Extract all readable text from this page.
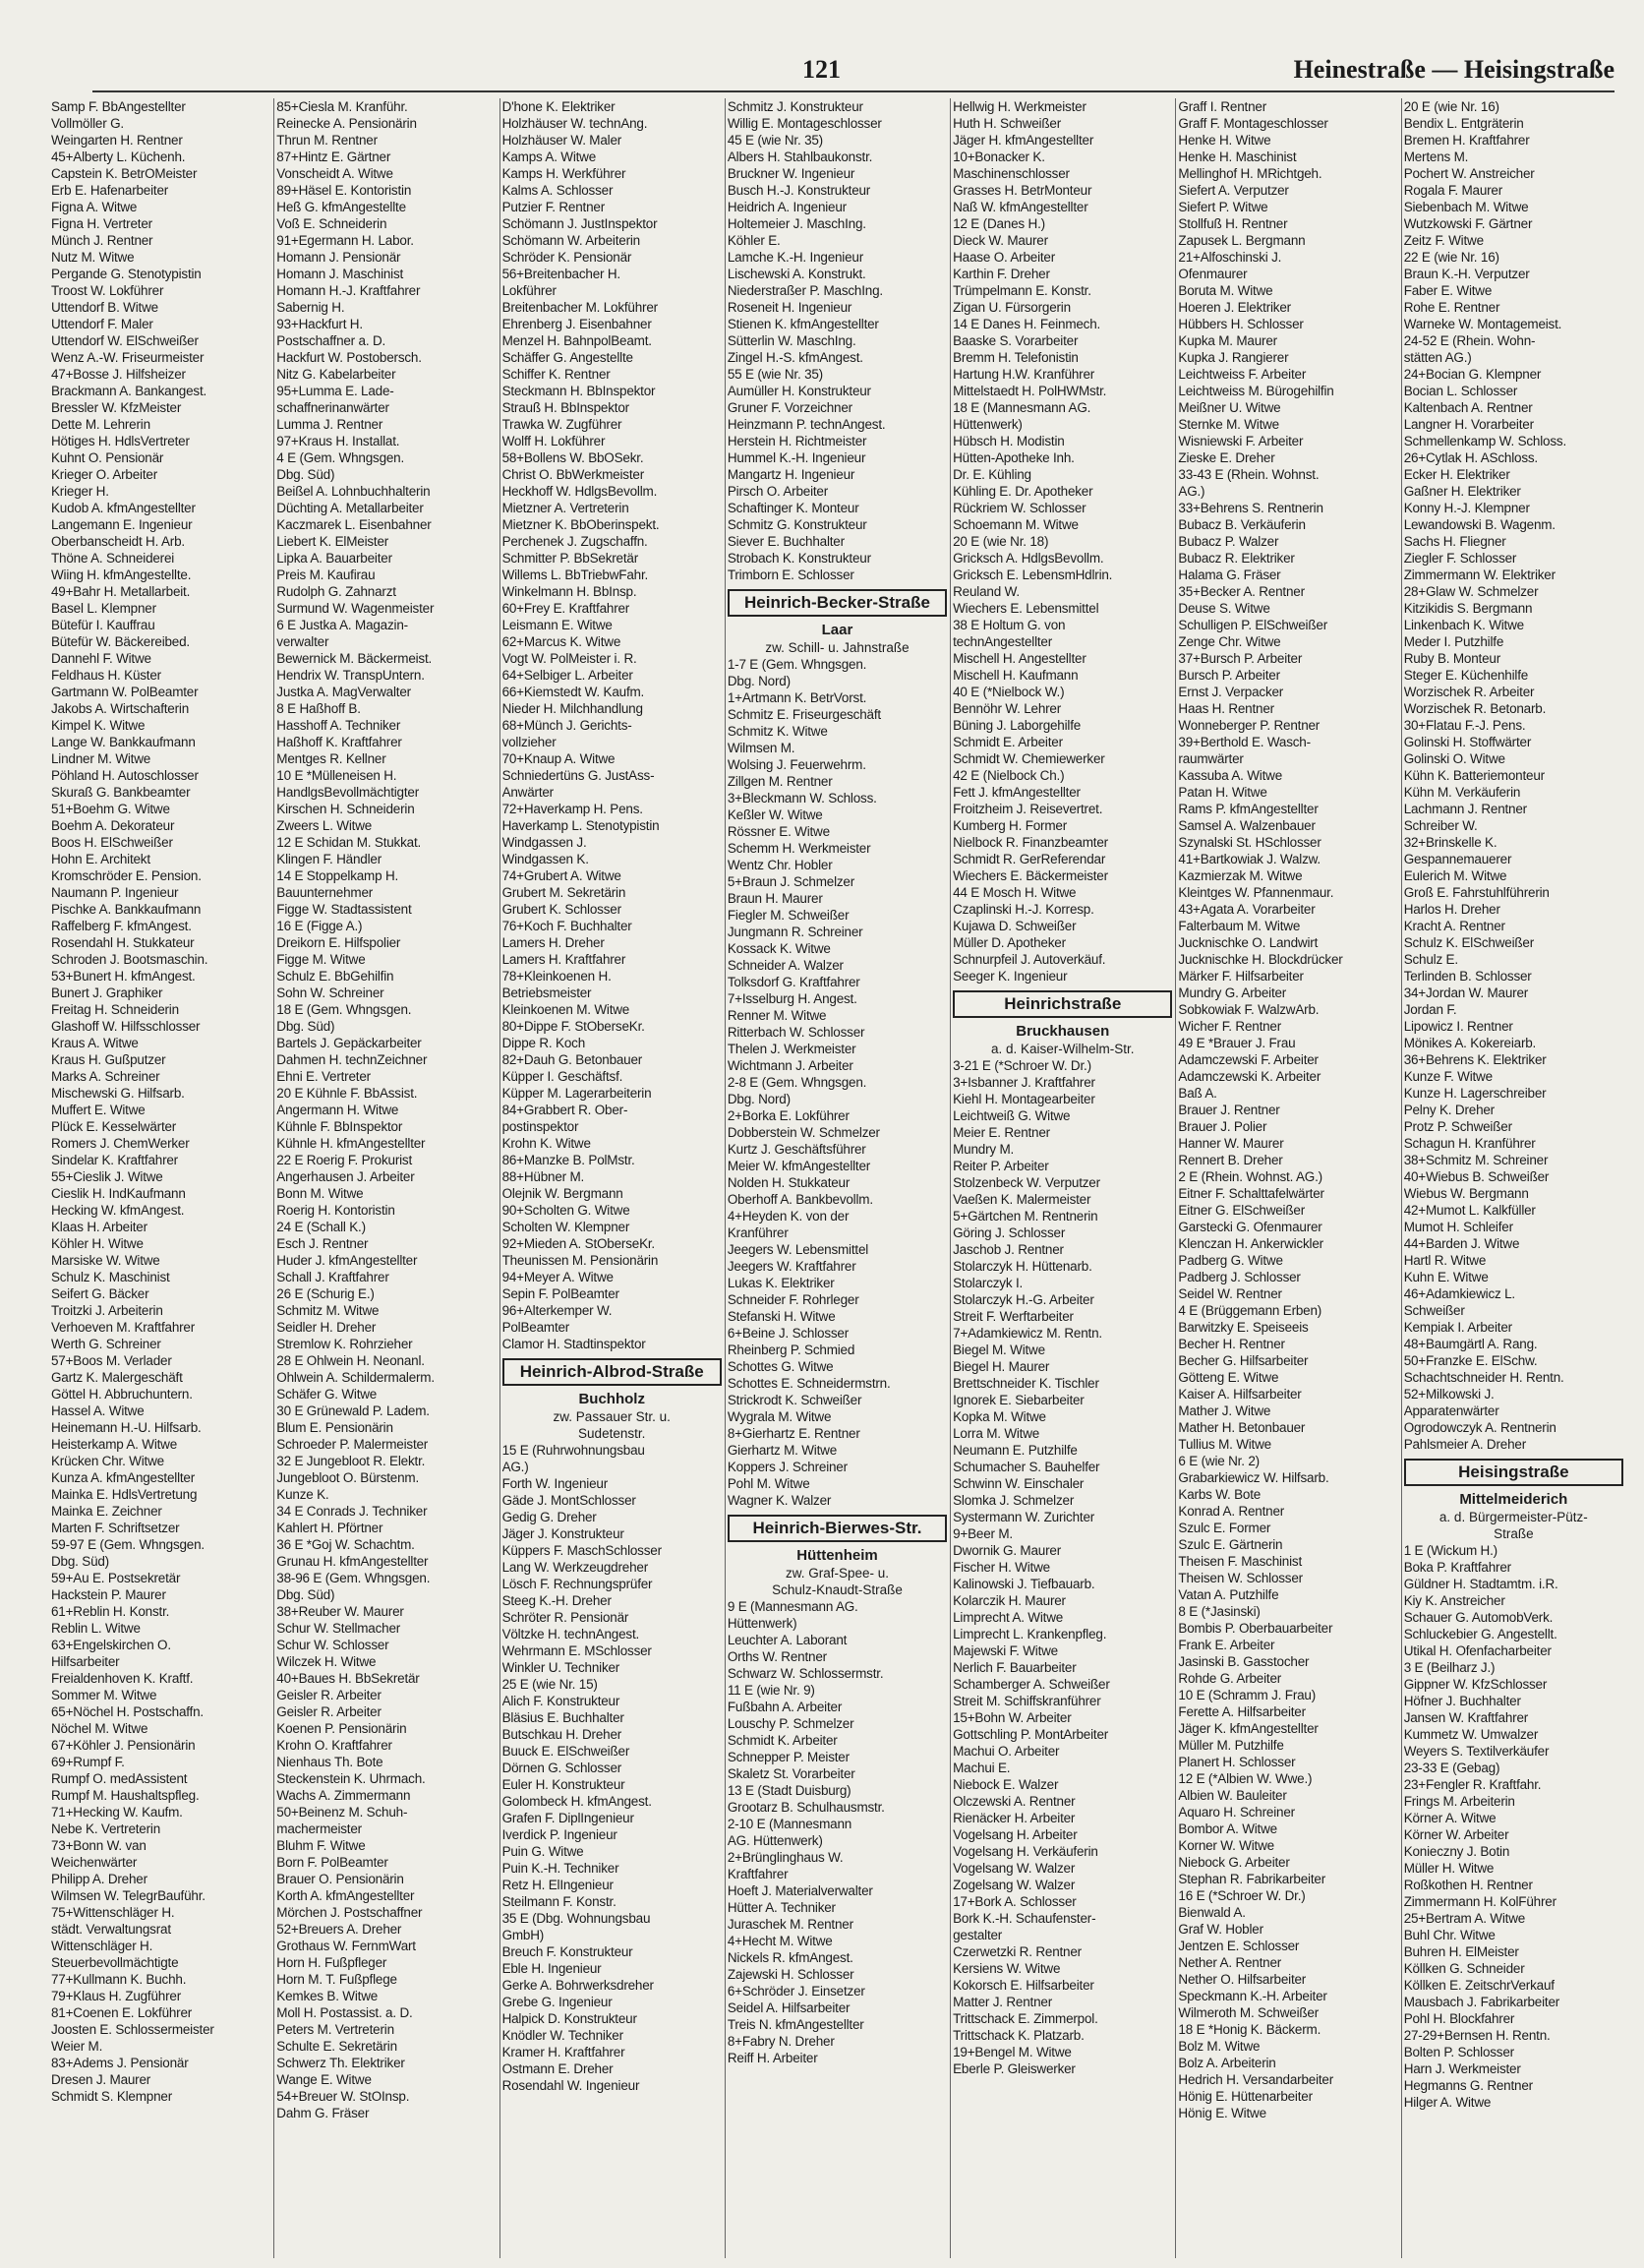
121	Heinestraße — Heisingstraße
Samp F. BbAngestellter
Vollmöller G.
Weingarten H. Rentner
45+Alberty L. Küchenh.
Capstein K. BetrOMeister
Erb E. Hafenarbeiter
Figna A. Witwe
Figna H. Vertreter
Münch J. Rentner
Nutz M. Witwe
Pergande G. Stenotypistin
Troost W. Lokführer
Uttendorf B. Witwe
Uttendorf F. Maler
Uttendorf W. ElSchweißer
Wenz A.-W. Friseurmeister
47+Bosse J. Hilfsheizer
Brackmann A. Bankangest.
Bressler W. KfzMeister
Dette M. Lehrerin
Hötiges H. HdlsVertreter
Kuhnt O. Pensionär
Krieger O. Arbeiter
Krieger H.
Kudob A. kfmAngestellter
Langemann E. Ingenieur
Oberbanscheidt H. Arb.
Thöne A. Schneiderei
Wiing H. kfmAngestellte.
49+Bahr H. Metallarbeit.
Basel L. Klempner
Bütefür I. Kauffrau
Bütefür W. Bäckereibed.
Dannehl F. Witwe
Feldhaus H. Küster
Gartmann W. PolBeamter
Jakobs A. Wirtschafterin
Kimpel K. Witwe
Lange W. Bankkaufmann
Lindner M. Witwe
Pöhland H. Autoschlosser
Skuraß G. Bankbeamter
51+Boehm G. Witwe
Boehm A. Dekorateur
Boos H. ElSchweißer
Hohn E. Architekt
Kromschröder E. Pension.
Naumann P. Ingenieur
Pischke A. Bankkaufmann
Raffelberg F. kfmAngest.
Rosendahl H. Stukkateur
Schroden J. Bootsmaschin.
53+Bunert H. kfmAngest.
Bunert J. Graphiker
Freitag H. Schneiderin
Glashoff W. Hilfsschlosser
Kraus A. Witwe
Kraus H. Gußputzer
Marks A. Schreiner
Mischewski G. Hilfsarb.
Muffert E. Witwe
Plück E. Kesselwärter
Romers J. ChemWerker
Sindelar K. Kraftfahrer
55+Cieslik J. Witwe
Cieslik H. IndKaufmann
Hecking W. kfmAngest.
Klaas H. Arbeiter
Köhler H. Witwe
Marsiske W. Witwe
Schulz K. Maschinist
Seifert G. Bäcker
Troitzki J. Arbeiterin
Verhoeven M. Kraftfahrer
Werth G. Schreiner
57+Boos M. Verlader
Gartz K. Malergeschäft
Göttel H. Abbruchuntern.
Hassel A. Witwe
Heinemann H.-U. Hilfsarb.
Heisterkamp A. Witwe
Krücken Chr. Witwe
Kunza A. kfmAngestellter
Mainka E. HdlsVertretung
Mainka E. Zeichner
Marten F. Schriftsetzer
59-97 E (Gem. Whngsgen.
Dbg. Süd)
59+Au E. Postsekretär
Hackstein P. Maurer
61+Reblin H. Konstr.
Reblin L. Witwe
63+Engelskirchen O.
Hilfsarbeiter
Freialdenhoven K. Kraftf.
Sommer M. Witwe
65+Nöchel H. Postschaffn.
Nöchel M. Witwe
67+Köhler J. Pensionärin
69+Rumpf F.
Rumpf O. medAssistent
Rumpf M. Haushaltspfleg.
71+Hecking W. Kaufm.
Nebe K. Vertreterin
73+Bonn W. van
Weichenwärter
Philipp A. Dreher
Wilmsen W. TelegrBauführ.
75+Wittenschläger H.
städt. Verwaltungsrat
Wittenschläger H.
Steuerbevollmächtigte
77+Kullmann K. Buchh.
79+Klaus H. Zugführer
81+Coenen E. Lokführer
Joosten E. Schlossermeister
Weier M.
83+Adems J. Pensionär
Dresen J. Maurer
Schmidt S. Klempner
85+Ciesla M. Kranführ.
Reinecke A. Pensionärin
Thrun M. Rentner
87+Hintz E. Gärtner
Vonscheidt A. Witwe
89+Häsel E. Kontoristin
Heß G. kfmAngestellte
Voß E. Schneiderin
91+Egermann H. Labor.
Homann J. Pensionär
Homann J. Maschinist
Homann H.-J. Kraftfahrer
Sabernig H.
93+Hackfurt H.
Postschaffner a. D.
Hackfurt W. Postobersch.
Nitz G. Kabelarbeiter
95+Lumma E. Lade-
schaffnerinanwärter
Lumma J. Rentner
97+Kraus H. Installat.
4 E (Gem. Whngsgen.
Dbg. Süd)
Beißel A. Lohnbuchhalterin
Düchting A. Metallarbeiter
Kaczmarek L. Eisenbahner
Liebert K. ElMeister
Lipka A. Bauarbeiter
Preis M. Kaufirau
Rudolph G. Zahnarzt
Surmund W. Wagenmeister
6 E Justka A. Magazin-
verwalter
Bewernick M. Bäckermeist.
Hendrix W. TranspUntern.
Justka A. MagVerwalter
8 E Haßhoff B.
Hasshoff A. Techniker
Haßhoff K. Kraftfahrer
Mentges R. Kellner
10 E *Mülleneisen H.
HandlgsBevollmächtigter
Kirschen H. Schneiderin
Zweers L. Witwe
12 E Schidan M. Stukkat.
Klingen F. Händler
14 E Stoppelkamp H.
Bauunternehmer
Figge W. Stadtassistent
16 E (Figge A.)
Dreikorn E. Hilfspolier
Figge M. Witwe
Schulz E. BbGehilfin
Sohn W. Schreiner
18 E (Gem. Whngsgen.
Dbg. Süd)
Bartels J. Gepäckarbeiter
Dahmen H. technZeichner
Ehni E. Vertreter
20 E Kühnle F. BbAssist.
Angermann H. Witwe
Kühnle F. BbInspektor
Kühnle H. kfmAngestellter
22 E Roerig F. Prokurist
Angerhausen J. Arbeiter
Bonn M. Witwe
Roerig H. Kontoristin
24 E (Schall K.)
Esch J. Rentner
Huder J. kfmAngestellter
Schall J. Kraftfahrer
26 E (Schurig E.)
Schmitz M. Witwe
Seidler H. Dreher
Stremlow K. Rohrzieher
28 E Ohlwein H. Neonanl.
Ohlwein A. Schildermalerm.
Schäfer G. Witwe
30 E Grünewald P. Ladem.
Blum E. Pensionärin
Schroeder P. Malermeister
32 E Jungebloot R. Elektr.
Jungebloot O. Bürstenm.
Kunze K.
34 E Conrads J. Techniker
Kahlert H. Pförtner
36 E *Goj W. Schachtm.
Grunau H. kfmAngestellter
38-96 E (Gem. Whngsgen.
Dbg. Süd)
38+Reuber W. Maurer
Schur W. Stellmacher
Schur W. Schlosser
Wilczek H. Witwe
40+Baues H. BbSekretär
Geisler R. Arbeiter
Geisler R. Arbeiter
Koenen P. Pensionärin
Krohn O. Kraftfahrer
Nienhaus Th. Bote
Steckenstein K. Uhrmach.
Wachs A. Zimmermann
50+Beinenz M. Schuh-
machermeister
Bluhm F. Witwe
Born F. PolBeamter
Brauer O. Pensionärin
Korth A. kfmAngestellter
Mörchen J. Postschaffner
52+Breuers A. Dreher
Grothaus W. FernmWart
Horn H. Fußpfleger
Horn M. T. Fußpflege
Kemkes B. Witwe
Moll H. Postassist. a. D.
Peters M. Vertreterin
Schulte E. Sekretärin
Schwerz Th. Elektriker
Wange E. Witwe
54+Breuer W. StOInsp.
Dahm G. Fräser
D'hone K. Elektriker
Holzhäuser W. technAng.
Holzhäuser W. Maler
Kamps A. Witwe
Kamps H. Werkführer
Kalms A. Schlosser
Putzier F. Rentner
Schömann J. JustInspektor
Schömann W. Arbeiterin
Schröder K. Pensionär
56+Breitenbacher H.
Lokführer
Breitenbacher M. Lokführer
Ehrenberg J. Eisenbahner
Menzel H. BahnpolBeamt.
Schäffer G. Angestellte
Schiffer K. Rentner
Steckmann H. BbInspektor
Strauß H. BbInspektor
Trawka W. Zugführer
Wolff H. Lokführer
58+Bollens W. BbOSekr.
Christ O. BbWerkmeister
Heckhoff W. HdlgsBevollm.
Mietzner A. Vertreterin
Mietzner K. BbOberinspekt.
Perchenek J. Zugschaffn.
Schmitter P. BbSekretär
Willems L. BbTriebwFahr.
Winkelmann H. BbInsp.
60+Frey E. Kraftfahrer
Leismann E. Witwe
62+Marcus K. Witwe
Vogt W. PolMeister i. R.
64+Selbiger L. Arbeiter
66+Kiemstedt W. Kaufm.
Nieder H. Milchhandlung
68+Münch J. Gerichts-
vollzieher
70+Knaup A. Witwe
Schniedertüns G. JustAss-
Anwärter
72+Haverkamp H. Pens.
Haverkamp L. Stenotypistin
Windgassen J.
Windgassen K.
74+Grubert A. Witwe
Grubert M. Sekretärin
Grubert K. Schlosser
76+Koch F. Buchhalter
Lamers H. Dreher
Lamers H. Kraftfahrer
78+Kleinkoenen H.
Betriebsmeister
Kleinkoenen M. Witwe
80+Dippe F. StOberseKr.
Dippe R. Koch
82+Dauh G. Betonbauer
Küpper I. Geschäftsf.
Küpper M. Lagerarbeiterin
84+Grabbert R. Ober-
postinspektor
Krohn K. Witwe
86+Manzke B. PolMstr.
88+Hübner M.
Olejnik W. Bergmann
90+Scholten G. Witwe
Scholten W. Klempner
92+Mieden A. StOberseKr.
Theunissen M. Pensionärin
94+Meyer A. Witwe
Sepin F. PolBeamter
96+Alterkemper W.
PolBeamter
Clamor H. Stadtinspektor
Heinrich-Albrod-Straße
Buchholz
zw. Passauer Str. u.
Sudetenstr.
15 E (Ruhrwohnungsbau
AG.)
Forth W. Ingenieur
Gäde J. MontSchlosser
Gedig G. Dreher
Jäger J. Konstrukteur
Küppers F. MaschSchlosser
Lang W. Werkzeugdreher
Lösch F. Rechnungsprüfer
Steeg K.-H. Dreher
Schröter R. Pensionär
Völtzke H. technAngest.
Wehrmann E. MSchlosser
Winkler U. Techniker
25 E (wie Nr. 15)
Alich F. Konstrukteur
Bläsius E. Buchhalter
Butschkau H. Dreher
Buuck E. ElSchweißer
Dörnen G. Schlosser
Euler H. Konstrukteur
Golombeck H. kfmAngest.
Grafen F. DiplIngenieur
Iverdick P. Ingenieur
Puin G. Witwe
Puin K.-H. Techniker
Retz H. ElIngenieur
Steilmann F. Konstr.
35 E (Dbg. Wohnungsbau
GmbH)
Breuch F. Konstrukteur
Eble H. Ingenieur
Gerke A. Bohrwerksdreher
Grebe G. Ingenieur
Halpick D. Konstrukteur
Knödler W. Techniker
Kramer H. Kraftfahrer
Ostmann E. Dreher
Rosendahl W. Ingenieur
Schmitz J. Konstrukteur
Willig E. Montageschlosser
45 E (wie Nr. 35)
Albers H. Stahlbaukonstr.
Bruckner W. Ingenieur
Busch H.-J. Konstrukteur
Heidrich A. Ingenieur
Holtemeier J. MaschIng.
Köhler E.
Lamche K.-H. Ingenieur
Lischewski A. Konstrukt.
Niederstraßer P. MaschIng.
Roseneit H. Ingenieur
Stienen K. kfmAngestellter
Sütterlin W. MaschIng.
Zingel H.-S. kfmAngest.
55 E (wie Nr. 35)
Aumüller H. Konstrukteur
Gruner F. Vorzeichner
Heinzmann P. technAngest.
Herstein H. Richtmeister
Hummel K.-H. Ingenieur
Mangartz H. Ingenieur
Pirsch O. Arbeiter
Schaftinger K. Monteur
Schmitz G. Konstrukteur
Siever E. Buchhalter
Strobach K. Konstrukteur
Trimborn E. Schlosser
Heinrich-Becker-Straße
Laar
zw. Schill- u. Jahnstraße
1-7 E (Gem. Whngsgen.
Dbg. Nord)
1+Artmann K. BetrVorst.
Schmitz E. Friseurgeschäft
Schmitz K. Witwe
Wilmsen M.
Wolsing J. Feuerwehrm.
Zillgen M. Rentner
3+Bleckmann W. Schloss.
Keßler W. Witwe
Rössner E. Witwe
Schemm H. Werkmeister
Wentz Chr. Hobler
5+Braun J. Schmelzer
Braun H. Maurer
Fiegler M. Schweißer
Jungmann R. Schreiner
Kossack K. Witwe
Schneider A. Walzer
Tolksdorf G. Kraftfahrer
7+Isselburg H. Angest.
Renner M. Witwe
Ritterbach W. Schlosser
Thelen J. Werkmeister
Wichtmann J. Arbeiter
2-8 E (Gem. Whngsgen.
Dbg. Nord)
2+Borka E. Lokführer
Dobberstein W. Schmelzer
Kurtz J. Geschäftsführer
Meier W. kfmAngestellter
Nolden H. Stukkateur
Oberhoff A. Bankbevollm.
4+Heyden K. von der
Kranführer
Jeegers W. Lebensmittel
Jeegers W. Kraftfahrer
Lukas K. Elektriker
Schneider F. Rohrleger
Stefanski H. Witwe
6+Beine J. Schlosser
Rheinberg P. Schmied
Schottes G. Witwe
Schottes E. Schneidermstrn.
Strickrodt K. Schweißer
Wygrala M. Witwe
8+Gierhartz E. Rentner
Gierhartz M. Witwe
Koppers J. Schreiner
Pohl M. Witwe
Wagner K. Walzer
Heinrich-Bierwes-Str.
Hüttenheim
zw. Graf-Spee- u.
Schulz-Knaudt-Straße
9 E (Mannesmann AG.
Hüttenwerk)
Leuchter A. Laborant
Orths W. Rentner
Schwarz W. Schlossermstr.
11 E (wie Nr. 9)
Fußbahn A. Arbeiter
Louschy P. Schmelzer
Schmidt K. Arbeiter
Schnepper P. Meister
Skaletz St. Vorarbeiter
13 E (Stadt Duisburg)
Grootarz B. Schulhausmstr.
2-10 E (Mannesmann
AG. Hüttenwerk)
2+Brünglinghaus W.
Kraftfahrer
Hoeft J. Materialverwalter
Hütter A. Techniker
Juraschek M. Rentner
4+Hecht M. Witwe
Nickels R. kfmAngest.
Zajewski H. Schlosser
6+Schröder J. Einsetzer
Seidel A. Hilfsarbeiter
Treis N. kfmAngestellter
8+Fabry N. Dreher
Reiff H. Arbeiter
Hellwig H. Werkmeister
Huth H. Schweißer
Jäger H. kfmAngestellter
10+Bonacker K.
Maschinenschlosser
Grasses H. BetrMonteur
Naß W. kfmAngestellter
12 E (Danes H.)
Dieck W. Maurer
Haase O. Arbeiter
Karthin F. Dreher
Trümpelmann E. Konstr.
Zigan U. Fürsorgerin
14 E Danes H. Feinmech.
Baaske S. Vorarbeiter
Bremm H. Telefonistin
Hartung H.W. Kranführer
Mittelstaedt H. PolHWMstr.
18 E (Mannesmann AG.
Hüttenwerk)
Hübsch H. Modistin
Hütten-Apotheke Inh.
Dr. E. Kühling
Kühling E. Dr. Apotheker
Rückriem W. Schlosser
Schoemann M. Witwe
20 E (wie Nr. 18)
Gricksch A. HdlgsBevollm.
Gricksch E. LebensmHdlrin.
Reuland W.
Wiechers E. Lebensmittel
38 E Holtum G. von
technAngestellter
Mischell H. Angestellter
Mischell H. Kaufmann
40 E (*Nielbock W.)
Bennöhr W. Lehrer
Büning J. Laborgehilfe
Schmidt E. Arbeiter
Schmidt W. Chemiewerker
42 E (Nielbock Ch.)
Fett J. kfmAngestellter
Froitzheim J. Reisevertret.
Kumberg H. Former
Nielbock R. Finanzbeamter
Schmidt R. GerReferendar
Wiechers E. Bäckermeister
44 E Mosch H. Witwe
Czaplinski H.-J. Korresp.
Kujawa D. Schweißer
Müller D. Apotheker
Schnurpfeil J. Autoverkäuf.
Seeger K. Ingenieur
Heinrichstraße
Bruckhausen
a. d. Kaiser-Wilhelm-Str.
3-21 E (*Schroer W. Dr.)
3+Isbanner J. Kraftfahrer
Kiehl H. Montagearbeiter
Leichtweiß G. Witwe
Meier E. Rentner
Mundry M.
Reiter P. Arbeiter
Stolzenbeck W. Verputzer
Vaeßen K. Malermeister
5+Gärtchen M. Rentnerin
Göring J. Schlosser
Jaschob J. Rentner
Stolarczyk H. Hüttenarb.
Stolarczyk I.
Stolarczyk H.-G. Arbeiter
Streit F. Werftarbeiter
7+Adamkiewicz M. Rentn.
Biegel M. Witwe
Biegel H. Maurer
Brettschneider K. Tischler
Ignorek E. Siebarbeiter
Kopka M. Witwe
Lorra M. Witwe
Neumann E. Putzhilfe
Schumacher S. Bauhelfer
Schwinn W. Einschaler
Slomka J. Schmelzer
Systermann W. Zurichter
9+Beer M.
Dwornik G. Maurer
Fischer H. Witwe
Kalinowski J. Tiefbauarb.
Kolarczik H. Maurer
Limprecht A. Witwe
Limprecht L. Krankenpfleg.
Majewski F. Witwe
Nerlich F. Bauarbeiter
Schamberger A. Schweißer
Streit M. Schiffskranführer
15+Bohn W. Arbeiter
Gottschling P. MontArbeiter
Machui O. Arbeiter
Machui E.
Niebock E. Walzer
Olczewski A. Rentner
Rienäcker H. Arbeiter
Vogelsang H. Arbeiter
Vogelsang H. Verkäuferin
Vogelsang W. Walzer
Zogelsang W. Walzer
17+Bork A. Schlosser
Bork K.-H. Schaufenster-
gestalter
Czerwetzki R. Rentner
Kersiens W. Witwe
Kokorsch E. Hilfsarbeiter
Matter J. Rentner
Trittschack E. Zimmerpol.
Trittschack K. Platzarb.
19+Bengel M. Witwe
Eberle P. Gleiswerker
Graff I. Rentner
Graff F. Montageschlosser
Henke H. Witwe
Henke H. Maschinist
Mellinghof H. MRichtgeh.
Siefert A. Verputzer
Siefert P. Witwe
Stollfuß H. Rentner
Zapusek L. Bergmann
21+Alfoschinski J.
Ofenmaurer
Boruta M. Witwe
Hoeren J. Elektriker
Hübbers H. Schlosser
Kupka M. Maurer
Kupka J. Rangierer
Leichtweiss F. Arbeiter
Leichtweiss M. Bürogehilfin
Meißner U. Witwe
Sternke M. Witwe
Wisniewski F. Arbeiter
Zieske E. Dreher
33-43 E (Rhein. Wohnst.
AG.)
33+Behrens S. Rentnerin
Bubacz B. Verkäuferin
Bubacz P. Walzer
Bubacz R. Elektriker
Halama G. Fräser
35+Becker A. Rentner
Deuse S. Witwe
Schulligen P. ElSchweißer
Zenge Chr. Witwe
37+Bursch P. Arbeiter
Bursch P. Arbeiter
Ernst J. Verpacker
Haas H. Rentner
Wonneberger P. Rentner
39+Berthold E. Wasch-
raumwärter
Kassuba A. Witwe
Patan H. Witwe
Rams P. kfmAngestellter
Samsel A. Walzenbauer
Szynalski St. HSchlosser
41+Bartkowiak J. Walzw.
Kazmierzak M. Witwe
Kleintges W. Pfannenmaur.
43+Agata A. Vorarbeiter
Falterbaum M. Witwe
Jucknischke O. Landwirt
Jucknischke H. Blockdrücker
Märker F. Hilfsarbeiter
Mundry G. Arbeiter
Sobkowiak F. WalzwArb.
Wicher F. Rentner
49 E *Brauer J. Frau
Adamczewski F. Arbeiter
Adamczewski K. Arbeiter
Baß A.
Brauer J. Rentner
Brauer J. Polier
Hanner W. Maurer
Rennert B. Dreher
2 E (Rhein. Wohnst. AG.)
Eitner F. Schalttafelwärter
Eitner G. ElSchweißer
Garstecki G. Ofenmaurer
Klenczan H. Ankerwickler
Padberg G. Witwe
Padberg J. Schlosser
Seidel W. Rentner
4 E (Brüggemann Erben)
Barwitzky E. Speiseeis
Becher H. Rentner
Becher G. Hilfsarbeiter
Götteng E. Witwe
Kaiser A. Hilfsarbeiter
Mather J. Witwe
Mather H. Betonbauer
Tullius M. Witwe
6 E (wie Nr. 2)
Grabarkiewicz W. Hilfsarb.
Karbs W. Bote
Konrad A. Rentner
Szulc E. Former
Szulc E. Gärtnerin
Theisen F. Maschinist
Theisen W. Schlosser
Vatan A. Putzhilfe
8 E (*Jasinski)
Bombis P. Oberbauarbeiter
Frank E. Arbeiter
Jasinski B. Gasstocher
Rohde G. Arbeiter
10 E (Schramm J. Frau)
Ferette A. Hilfsarbeiter
Jäger K. kfmAngestellter
Müller M. Putzhilfe
Planert H. Schlosser
12 E (*Albien W. Wwe.)
Albien W. Bauleiter
Aquaro H. Schreiner
Bombor A. Witwe
Korner W. Witwe
Niebock G. Arbeiter
Stephan R. Fabrikarbeiter
16 E (*Schroer W. Dr.)
Bienwald A.
Graf W. Hobler
Jentzen E. Schlosser
Nether A. Rentner
Nether O. Hilfsarbeiter
Speckmann K.-H. Arbeiter
Wilmeroth M. Schweißer
18 E *Honig K. Bäckerm.
Bolz M. Witwe
Bolz A. Arbeiterin
Hedrich H. Versandarbeiter
Hönig E. Hüttenarbeiter
Hönig E. Witwe
20 E (wie Nr. 16)
Bendix L. Entgräterin
Bremen H. Kraftfahrer
Mertens M.
Pochert W. Anstreicher
Rogala F. Maurer
Siebenbach M. Witwe
Wutzkowski F. Gärtner
Zeitz F. Witwe
22 E (wie Nr. 16)
Braun K.-H. Verputzer
Faber E. Witwe
Rohe E. Rentner
Warneke W. Montagemeist.
24-52 E (Rhein. Wohn-
stätten AG.)
24+Bocian G. Klempner
Bocian L. Schlosser
Kaltenbach A. Rentner
Langner H. Vorarbeiter
Schmellenkamp W. Schloss.
26+Cytlak H. ASchloss.
Ecker H. Elektriker
Gaßner H. Elektriker
Konny H.-J. Klempner
Lewandowski B. Wagenm.
Sachs H. Fliegner
Ziegler F. Schlosser
Zimmermann W. Elektriker
28+Glaw W. Schmelzer
Kitzikidis S. Bergmann
Linkenbach K. Witwe
Meder I. Putzhilfe
Ruby B. Monteur
Steger E. Küchenhilfe
Worzischek R. Arbeiter
Worzischek R. Betonarb.
30+Flatau F.-J. Pens.
Golinski H. Stoffwärter
Golinski O. Witwe
Kühn K. Batteriemonteur
Kühn M. Verkäuferin
Lachmann J. Rentner
Schreiber W.
32+Brinskelle K.
Gespannemauerer
Eulerich M. Witwe
Groß E. Fahrstuhlführerin
Harlos H. Dreher
Kracht A. Rentner
Schulz K. ElSchweißer
Schulz E.
Terlinden B. Schlosser
34+Jordan W. Maurer
Jordan F.
Lipowicz I. Rentner
Mönikes A. Kokereiarb.
36+Behrens K. Elektriker
Kunze F. Witwe
Kunze H. Lagerschreiber
Pelny K. Dreher
Protz P. Schweißer
Schagun H. Kranführer
38+Schmitz M. Schreiner
40+Wiebus B. Schweißer
Wiebus W. Bergmann
42+Mumot L. Kalkfüller
Mumot H. Schleifer
44+Barden J. Witwe
Hartl R. Witwe
Kuhn E. Witwe
46+Adamkiewicz L.
Schweißer
Kempiak I. Arbeiter
48+Baumgärtl A. Rang.
50+Franzke E. ElSchw.
Schachtschneider H. Rentn.
52+Milkowski J.
Apparatenwärter
Ogrodowczyk A. Rentnerin
Pahlsmeier A. Dreher
Heisingstraße
Mittelmeiderich
a. d. Bürgermeister-Pütz-
Straße
1 E (Wickum H.)
Boka P. Kraftfahrer
Güldner H. Stadtamtm. i.R.
Kiy K. Anstreicher
Schauer G. AutomobVerk.
Schluckebier G. Angestellt.
Utikal H. Ofenfacharbeiter
3 E (Beilharz J.)
Gippner W. KfzSchlosser
Höfner J. Buchhalter
Jansen W. Kraftfahrer
Kummetz W. Umwalzer
Weyers S. Textilverkäufer
23-33 E (Gebag)
23+Fengler R. Kraftfahr.
Frings M. Arbeiterin
Körner A. Witwe
Körner W. Arbeiter
Konieczny J. Botin
Müller H. Witwe
Roßkothen H. Rentner
Zimmermann H. KolFührer
25+Bertram A. Witwe
Buhl Chr. Witwe
Buhren H. ElMeister
Köllken G. Schneider
Köllken E. ZeitschrVerkauf
Mausbach J. Fabrikarbeiter
Pohl H. Blockfahrer
27-29+Bernsen H. Rentn.
Bolten P. Schlosser
Harn J. Werkmeister
Hegmanns G. Rentner
Hilger A. Witwe
